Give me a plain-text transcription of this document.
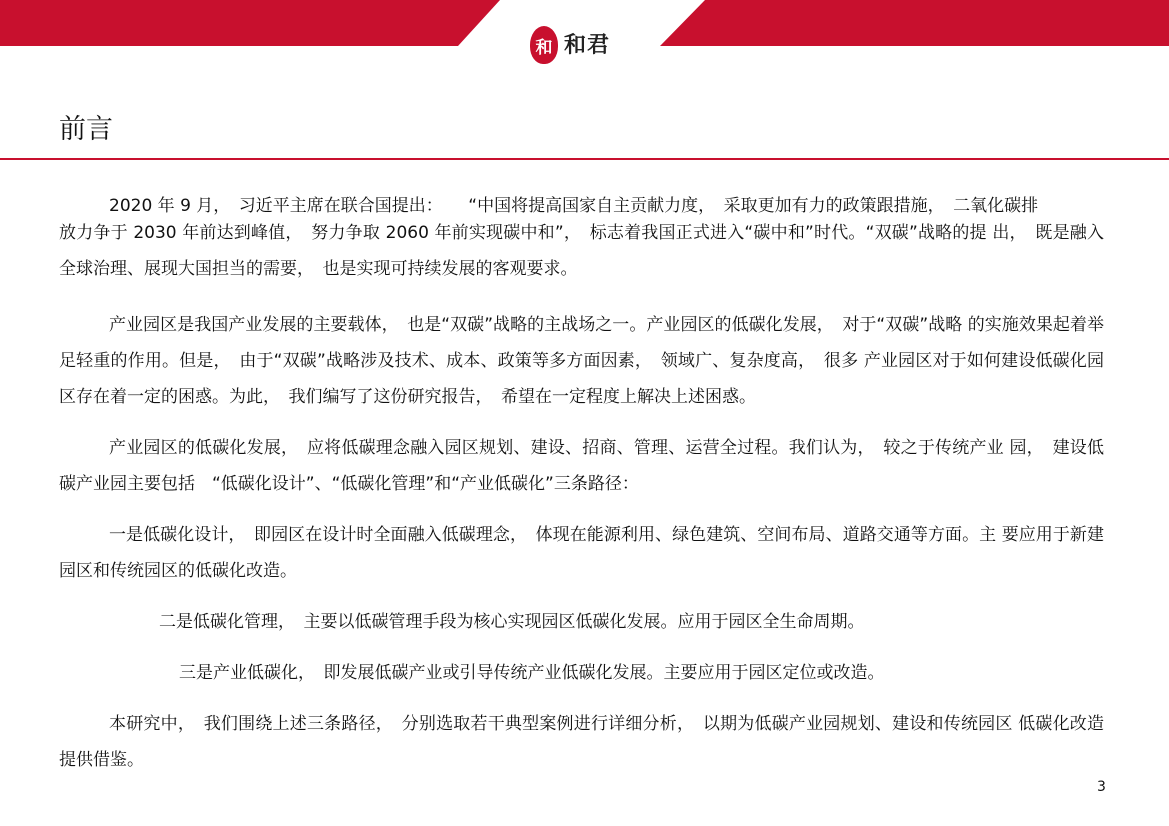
和 和君
前言

2020 年 9 月，　习近平主席在联合国提出：　　“中国将提高国家自主贡献力度，　采取更加有力的政策跟措施，　二氧化碳排
放力争于 2030 年前达到峰值，　努力争取 2060 年前实现碳中和”，　标志着我国正式进入“碳中和”时代。“双碳”战略的提 出，　既是融入全球治理、展现大国担当的需要，　也是实现可持续发展的客观要求。

产业园区是我国产业发展的主要载体，　也是“双碳”战略的主战场之一。产业园区的低碳化发展，　对于“双碳”战略 的实施效果起着举足轻重的作用。但是，　由于“双碳”战略涉及技术、成本、政策等多方面因素，　领域广、复杂度高，　很多 产业园区对于如何建设低碳化园区存在着一定的困惑。为此，　我们编写了这份研究报告，　希望在一定程度上解决上述困惑。

产业园区的低碳化发展，　应将低碳理念融入园区规划、建设、招商、管理、运营全过程。我们认为，　较之于传统产业 园，　建设低碳产业园主要包括　“低碳化设计”、“低碳化管理”和“产业低碳化”三条路径：

一是低碳化设计，　即园区在设计时全面融入低碳理念，　体现在能源利用、绿色建筑、空间布局、道路交通等方面。主 要应用于新建园区和传统园区的低碳化改造。

二是低碳化管理，　主要以低碳管理手段为核心实现园区低碳化发展。应用于园区全生命周期。

三是产业低碳化，　即发展低碳产业或引导传统产业低碳化发展。主要应用于园区定位或改造。

本研究中，　我们围绕上述三条路径，　分别选取若干典型案例进行详细分析，　以期为低碳产业园规划、建设和传统园区 低碳化改造提供借鉴。

3
